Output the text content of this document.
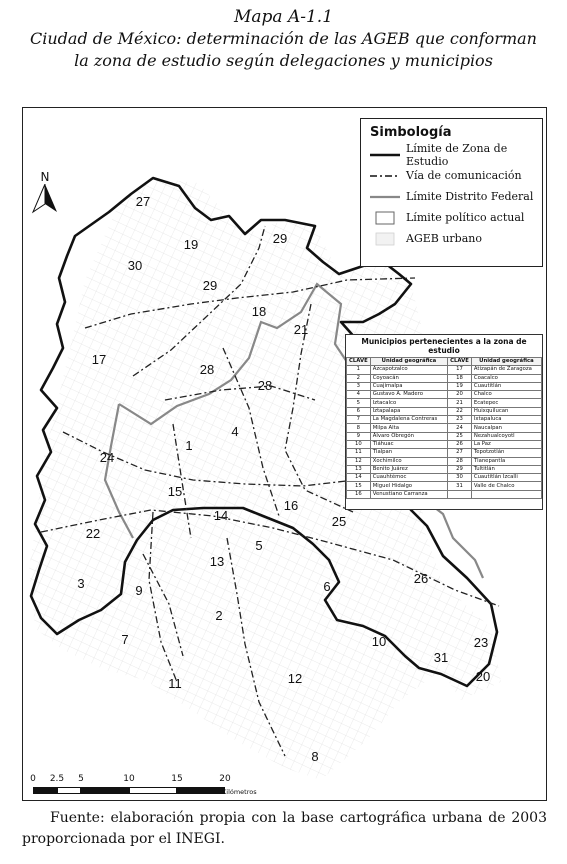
Mapa A-1.1
Ciudad de México: determinación de las AGEB que conforman
la zona de estudio según delegaciones y municipios
27
19	29
30
29
18
21
17
28
28
1
4
24
15
16
14	25
22
5
13
3	9	6
26
2
7	10	23
31
11	12	20
8
N
Simbología
Límite de Zona de Estudio
Vía de comunicación
Límite Distrito Federal
Límite político actual
AGEB urbano
Municipios pertenecientes a la zona de estudio
CLAVE	Unidad geográfica	CLAVE	Unidad geográfica
1	Azcapotzalco	17	Atizapán de Zaragoza
2	Coyoacán	18	Coacalco
3	Cuajimalpa	19	Cuautitlán
4	Gustavo A. Madero	20	Chalco
5	Iztacalco	21	Ecatepec
6	Iztapalapa	22	Huixquilucan
7	La Magdalena Contreras	23	Ixtapaluca
8	Milpa Alta	24	Naucalpan
9	Álvaro Obregón	25	Nezahualcoyotl
10	Tláhuac	26	La Paz
11	Tlalpan	27	Tepotzotlán
12	Xochimilco	28	Tlanepantla
13	Benito Juárez	29	Tultitlán
14	Cuauhtémoc	30	Cuautitlán Izcalli
15	Miguel Hidalgo	31	Valle de Chalco
16	Venustiano Carranza		
0 2.5 5	10	15	20
Kilómetros
Fuente: elaboración propia con la base cartográfica urbana de 2003 proporcionada por el INEGI.
